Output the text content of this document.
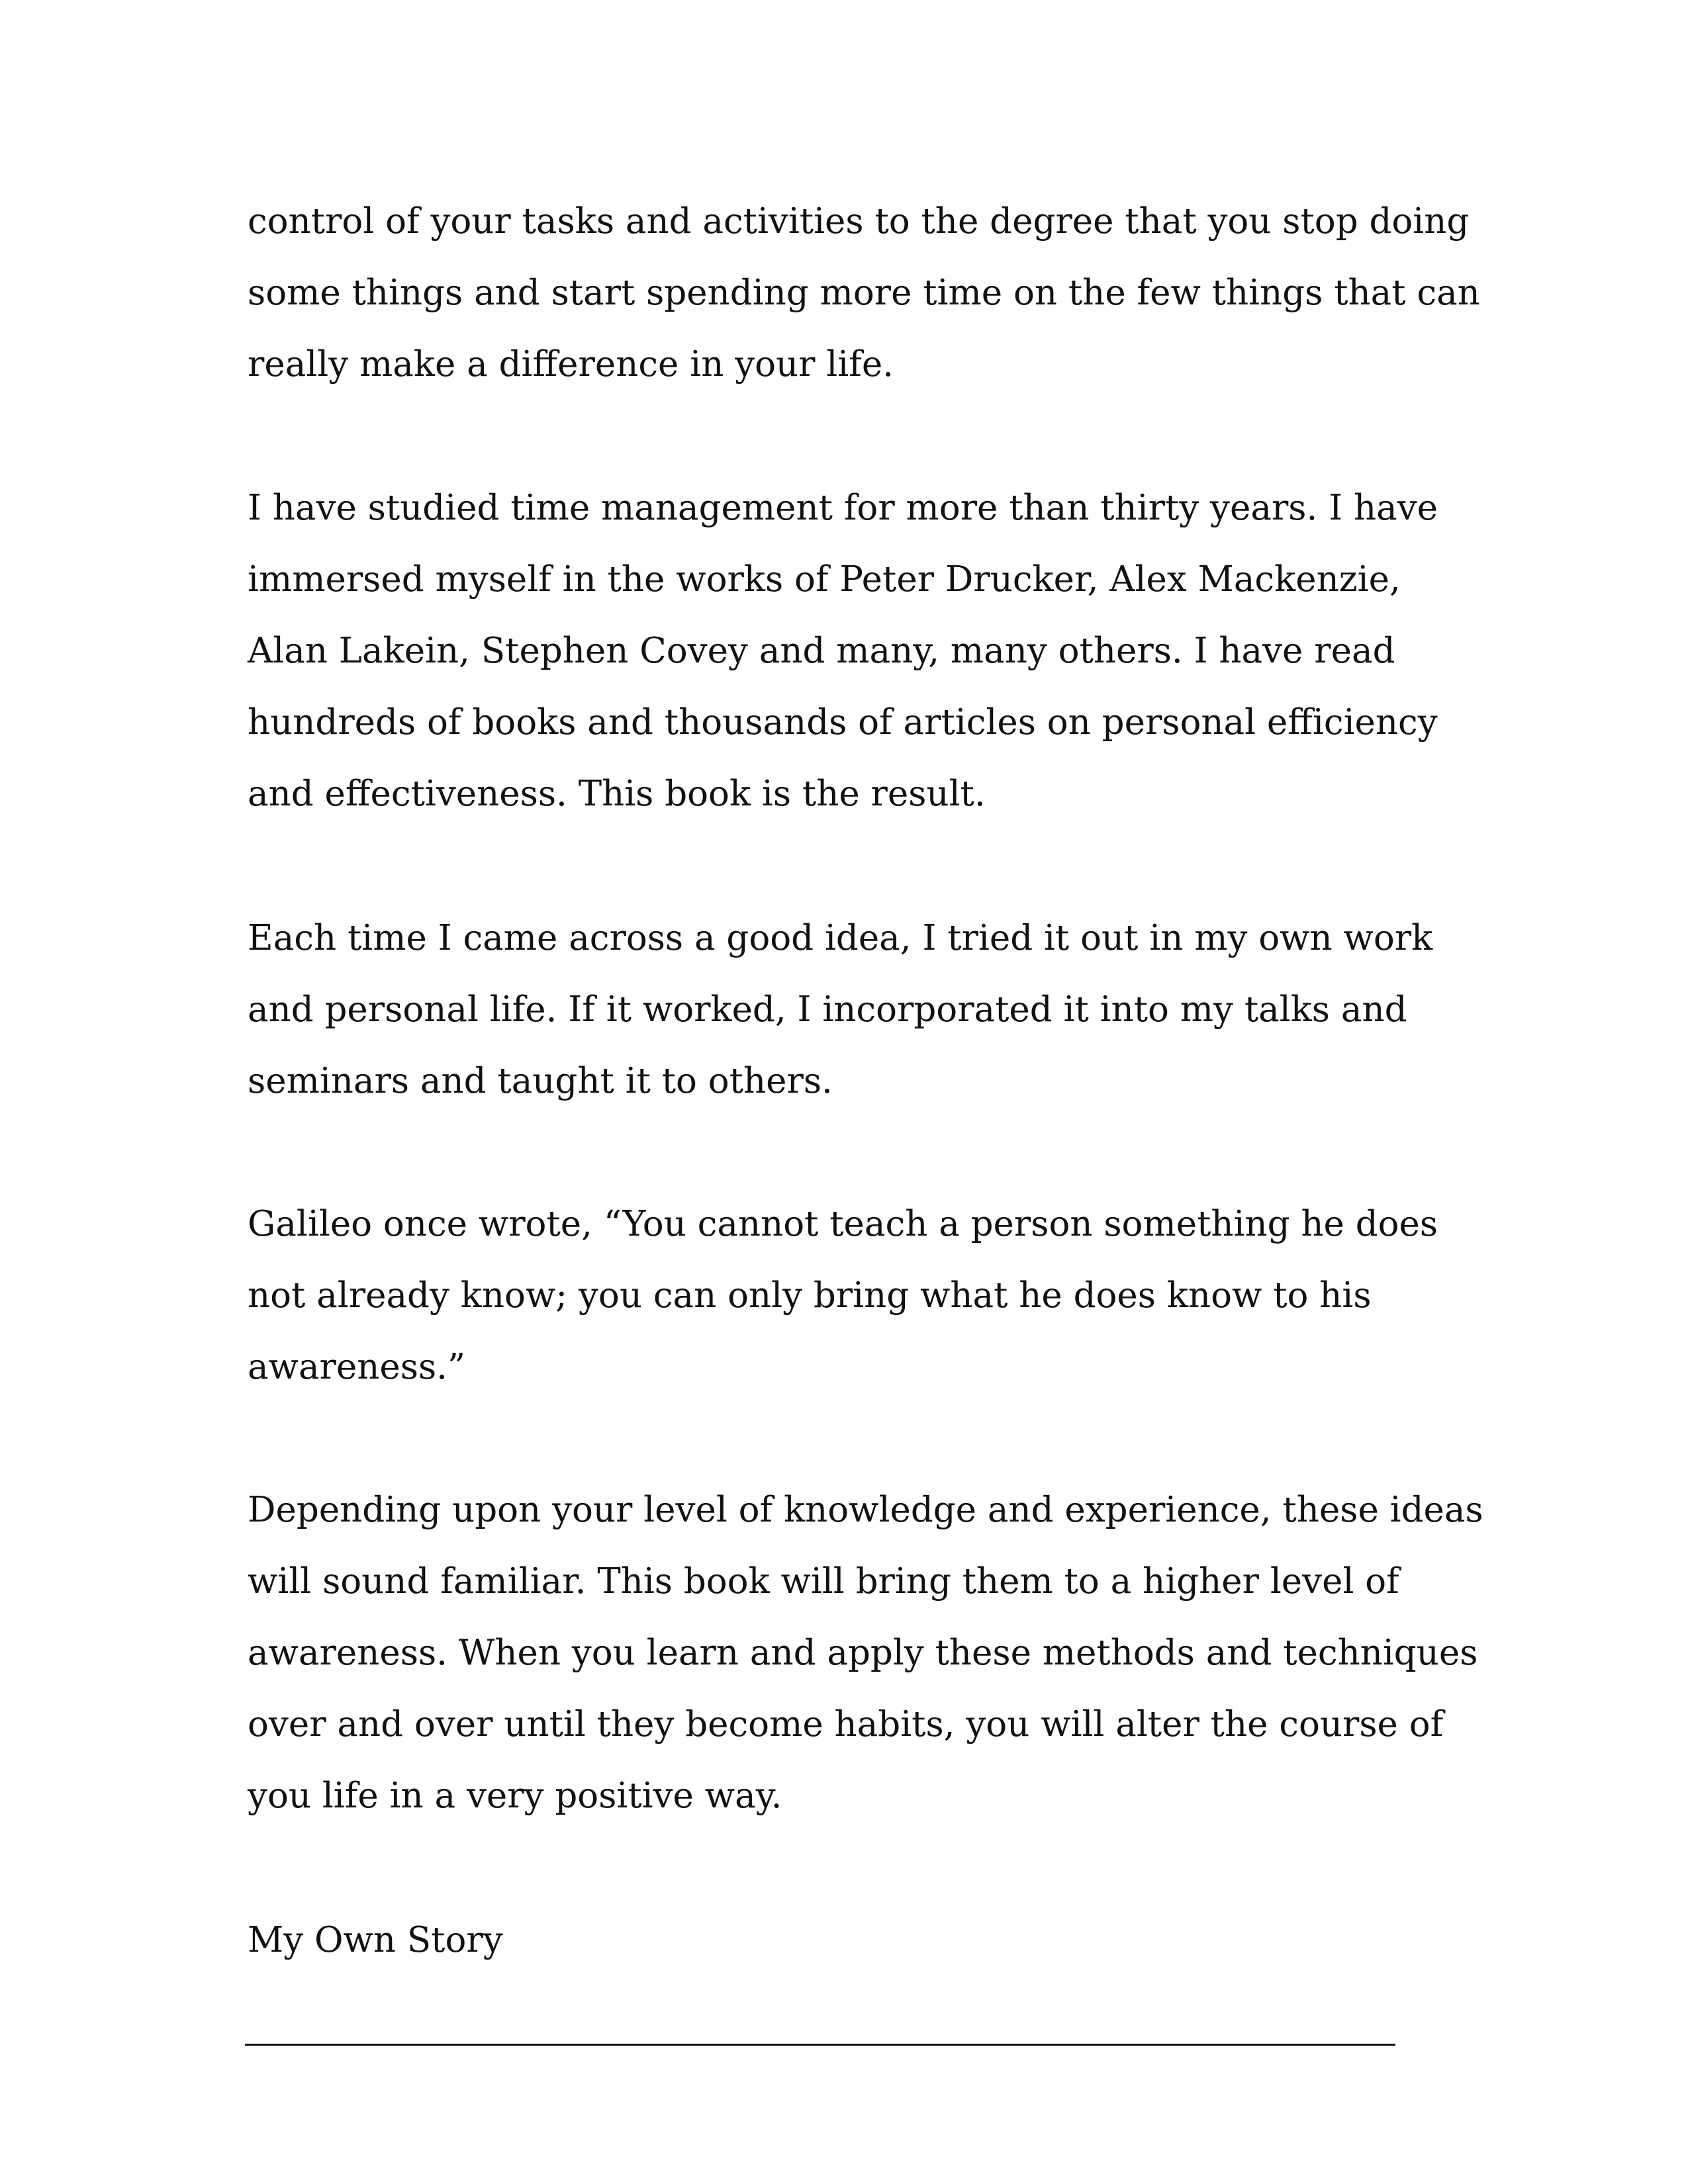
control of your tasks and activities to the degree that you stop doing
some things and start spending more time on the few things that can
really make a difference in your life.
I have studied time management for more than thirty years. I have
immersed myself in the works of Peter Drucker, Alex Mackenzie,
Alan Lakein, Stephen Covey and many, many others. I have read
hundreds of books and thousands of articles on personal efficiency
and effectiveness. This book is the result.
Each time I came across a good idea, I tried it out in my own work
and personal life. If it worked, I incorporated it into my talks and
seminars and taught it to others.
Galileo once wrote, “You cannot teach a person something he does
not already know; you can only bring what he does know to his
awareness.”
Depending upon your level of knowledge and experience, these ideas
will sound familiar. This book will bring them to a higher level of
awareness. When you learn and apply these methods and techniques
over and over until they become habits, you will alter the course of
you life in a very positive way.
My Own Story
